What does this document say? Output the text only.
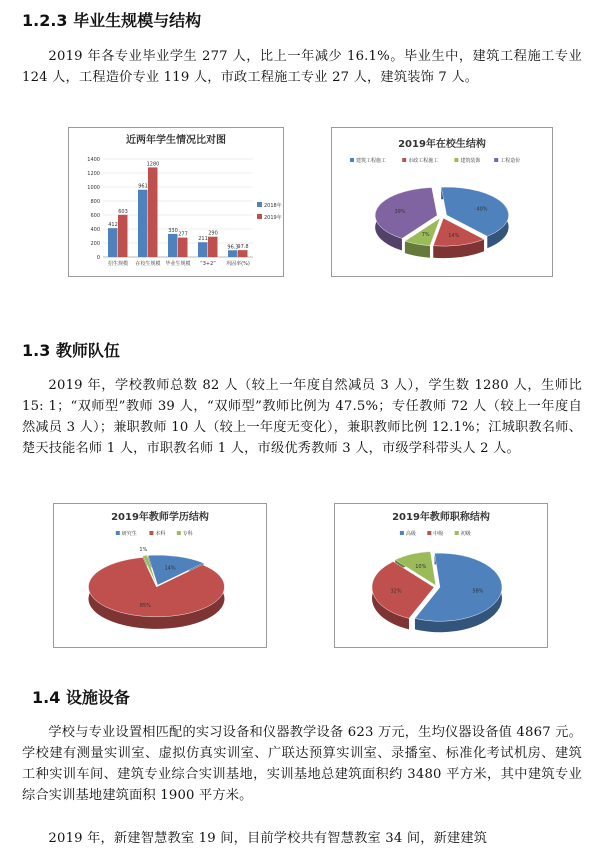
1.2.3 毕业生规模与结构
2019 年各专业毕业学生 277 人，比上一年减少 16.1%。毕业生中，建筑工程施工专业 124 人，工程造价专业 119 人，市政工程施工专业 27 人，建筑装饰 7 人。
近两年学生情况比对图
0
200
400
600
800
1000
1200
1400
招生规模
412
603
在校生规模
961
1280
毕业生规模
330
277
“3+2”
211
290
巩固率(%)
96.3
97.8
2018年
2019年
2019年在校生结构
建筑工程施工	市政工程施工	建筑装饰	工程造价
40%
14%
7%
39%
1.3 教师队伍
2019 年，学校教师总数 82 人（较上一年度自然减员 3 人），学生数 1280 人，生师比 15: 1；“双师型”教师 39 人，“双师型”教师比例为 47.5%；专任教师 72 人（较上一年度自然减员 3 人）；兼职教师 10 人（较上一年度无变化），兼职教师比例 12.1%；江城职教名师、楚天技能名师 1 人，市职教名师 1 人，市级优秀教师 3 人，市级学科带头人 2 人。
2019年教师学历结构
研究生	本科	专科
14%
85%
1%
2019年教师职称结构
高级	中级	初级
58%
32%
10%
1.4 设施设备
学校与专业设置相匹配的实习设备和仪器教学设备 623 万元，生均仪器设备值 4867 元。学校建有测量实训室、虚拟仿真实训室、广联达预算实训室、录播室、标准化考试机房、建筑工种实训车间、建筑专业综合实训基地，实训基地总建筑面积约 3480 平方米，其中建筑专业综合实训基地建筑面积 1900 平方米。
2019 年，新建智慧教室 19 间，目前学校共有智慧教室 34 间，新建建筑
